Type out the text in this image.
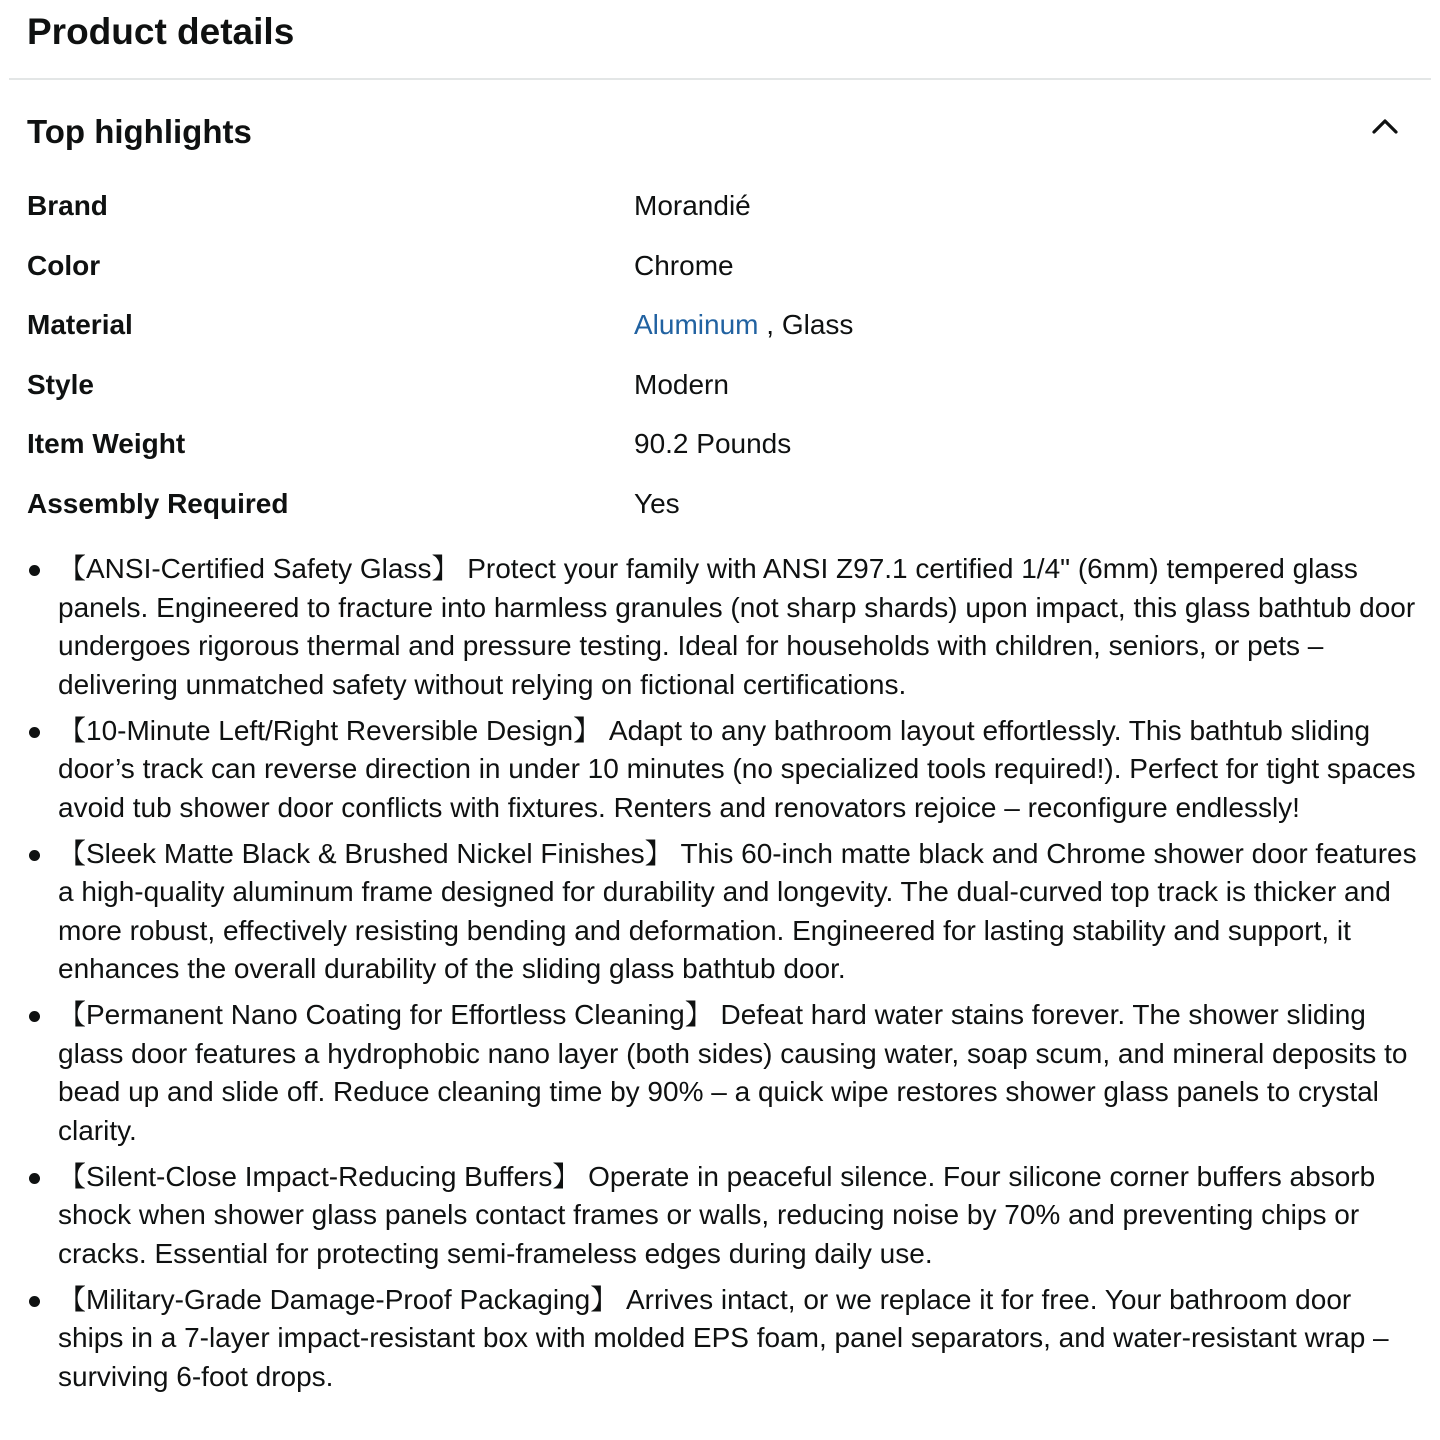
Product details
Top highlights
Brand	Morandié
Color	Chrome
Material	Aluminum , Glass
Style	Modern
Item Weight	90.2 Pounds
Assembly Required	Yes
【ANSI-Certified Safety Glass】 Protect your family with ANSI Z97.1 certified 1/4" (6mm) tempered glass panels. Engineered to fracture into harmless granules (not sharp shards) upon impact, this glass bathtub door undergoes rigorous thermal and pressure testing. Ideal for households with children, seniors, or pets – delivering unmatched safety without relying on fictional certifications.
【10-Minute Left/Right Reversible Design】 Adapt to any bathroom layout effortlessly. This bathtub sliding door’s track can reverse direction in under 10 minutes (no specialized tools required!). Perfect for tight spaces avoid tub shower door conflicts with fixtures. Renters and renovators rejoice – reconfigure endlessly!
【Sleek Matte Black & Brushed Nickel Finishes】 This 60-inch matte black and Chrome shower door features a high-quality aluminum frame designed for durability and longevity. The dual-curved top track is thicker and more robust, effectively resisting bending and deformation. Engineered for lasting stability and support, it enhances the overall durability of the sliding glass bathtub door.
【Permanent Nano Coating for Effortless Cleaning】 Defeat hard water stains forever. The shower sliding glass door features a hydrophobic nano layer (both sides) causing water, soap scum, and mineral deposits to bead up and slide off. Reduce cleaning time by 90% – a quick wipe restores shower glass panels to crystal clarity.
【Silent-Close Impact-Reducing Buffers】 Operate in peaceful silence. Four silicone corner buffers absorb shock when shower glass panels contact frames or walls, reducing noise by 70% and preventing chips or cracks. Essential for protecting semi-frameless edges during daily use.
【Military-Grade Damage-Proof Packaging】 Arrives intact, or we replace it for free. Your bathroom door ships in a 7-layer impact-resistant box with molded EPS foam, panel separators, and water-resistant wrap – surviving 6-foot drops.
